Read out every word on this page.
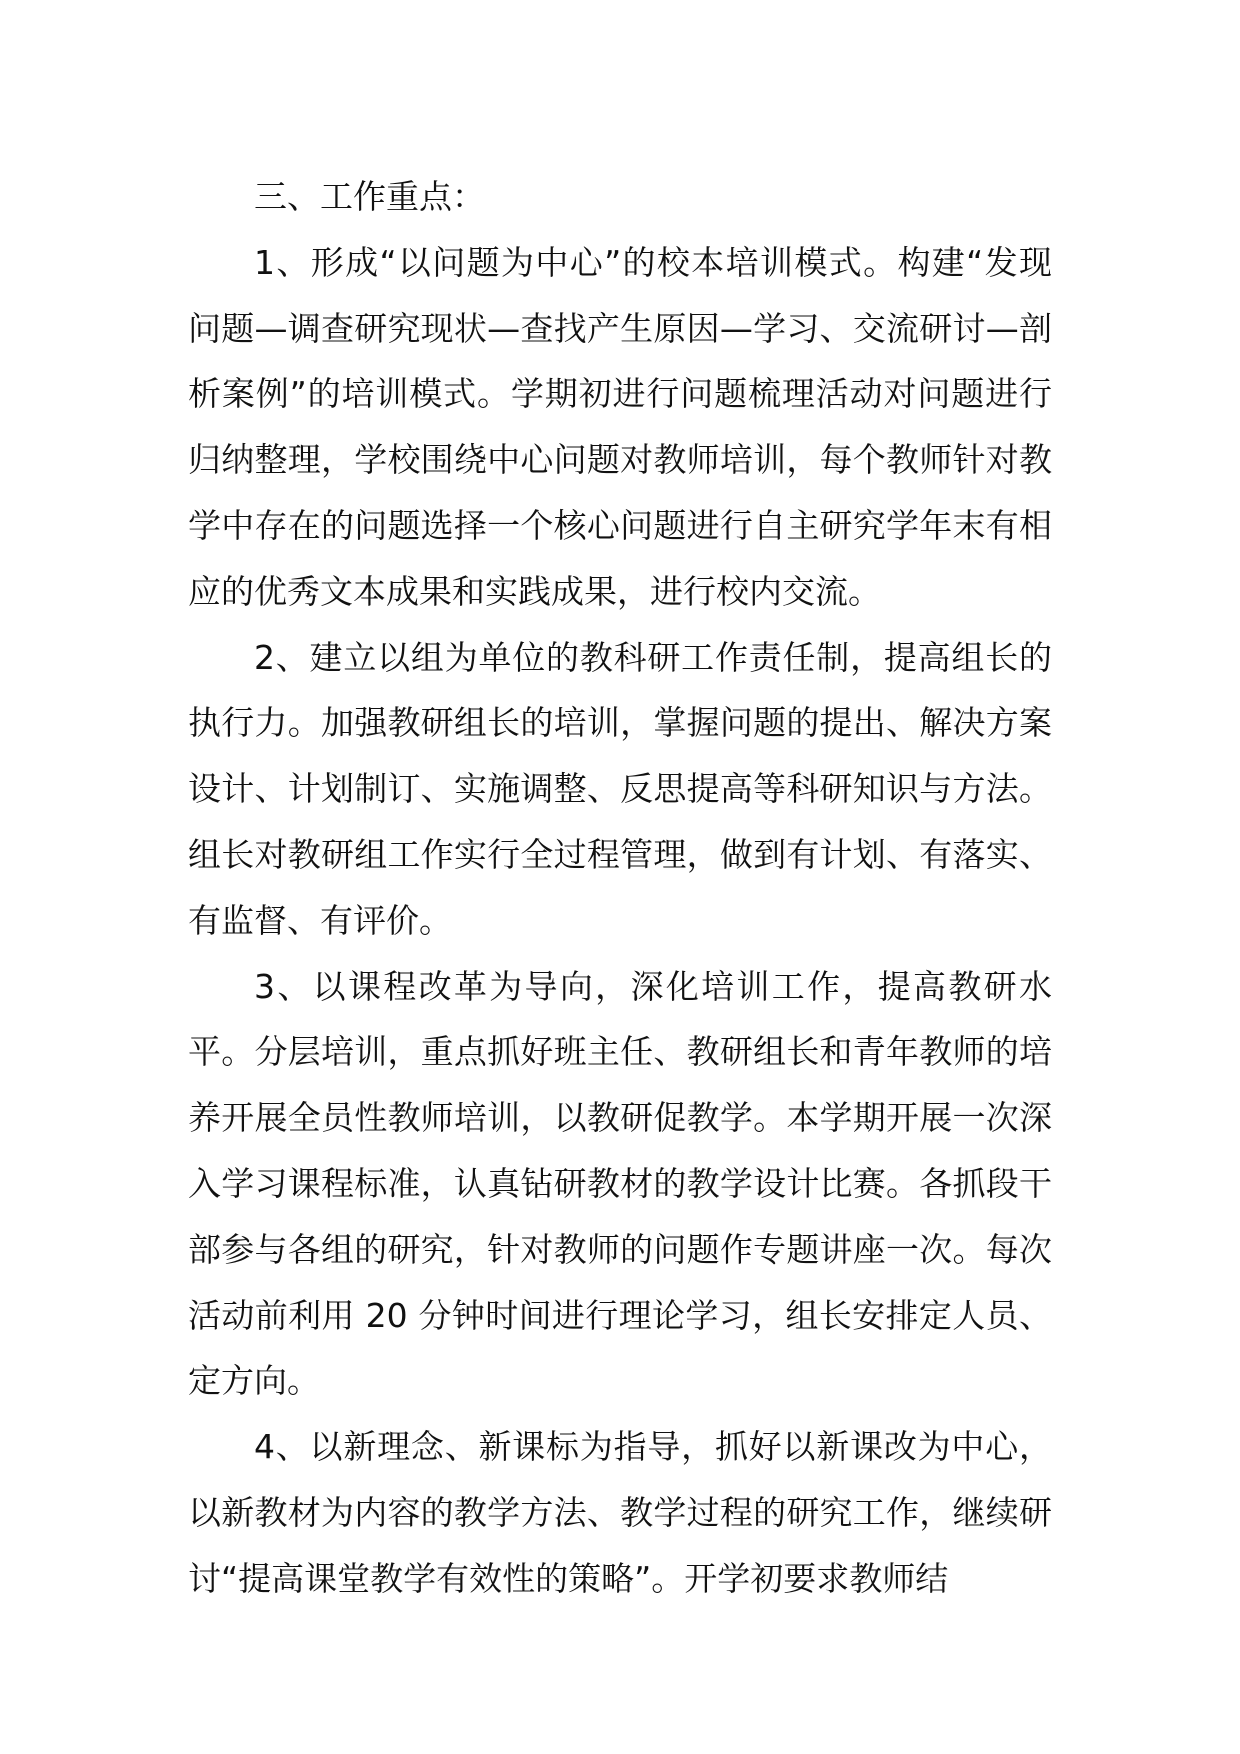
三、工作重点：

1、形成“以问题为中心”的校本培训模式。构建“发现问题—调查研究现状—查找产生原因—学习、交流研讨—剖析案例”的培训模式。学期初进行问题梳理活动对问题进行归纳整理，学校围绕中心问题对教师培训，每个教师针对教学中存在的问题选择一个核心问题进行自主研究学年末有相应的优秀文本成果和实践成果，进行校内交流。

2、建立以组为单位的教科研工作责任制，提高组长的执行力。加强教研组长的培训，掌握问题的提出、解决方案设计、计划制订、实施调整、反思提高等科研知识与方法。组长对教研组工作实行全过程管理，做到有计划、有落实、有监督、有评价。

3、以课程改革为导向，深化培训工作，提高教研水平。分层培训，重点抓好班主任、教研组长和青年教师的培养开展全员性教师培训，以教研促教学。本学期开展一次深入学习课程标准，认真钻研教材的教学设计比赛。各抓段干部参与各组的研究，针对教师的问题作专题讲座一次。每次活动前利用 20 分钟时间进行理论学习，组长安排定人员、定方向。

4、以新理念、新课标为指导，抓好以新课改为中心，以新教材为内容的教学方法、教学过程的研究工作，继续研讨“提高课堂教学有效性的策略”。开学初要求教师结
